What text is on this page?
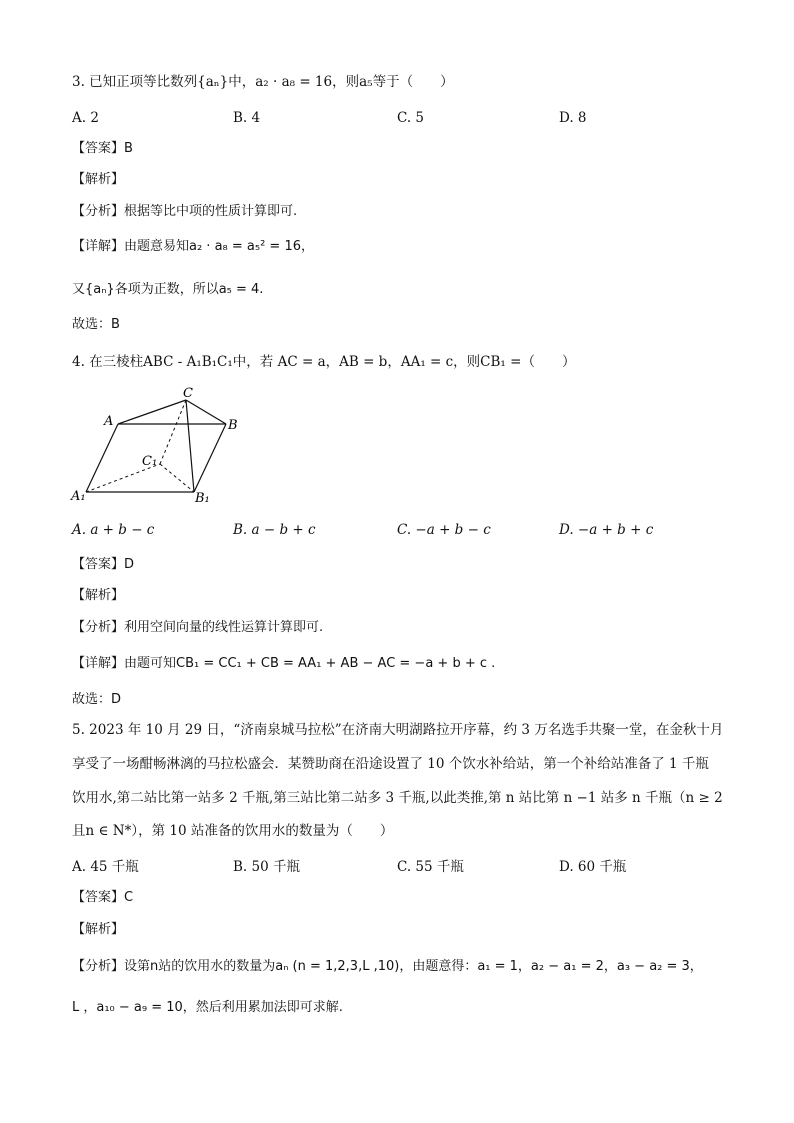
3. 已知正项等比数列{aₙ}中，a₂ · a₈ = 16，则a₅等于（　　）
A. 2	B. 4	C. 5	D. 8
【答案】B
【解析】
【分析】根据等比中项的性质计算即可.
【详解】由题意易知a₂ · a₈ = a₅² = 16，
又{aₙ}各项为正数，所以a₅ = 4.
故选：B
4. 在三棱柱ABC - A₁B₁C₁中，若 AC = a，AB = b，AA₁ = c，则CB₁ =（　　）
C
A	B
C₁
A₁	B₁
A. a + b − c	B. a − b + c	C. −a + b − c	D. −a + b + c
【答案】D
【解析】
【分析】利用空间向量的线性运算计算即可.
【详解】由题可知CB₁ = CC₁ + CB = AA₁ + AB − AC = −a + b + c .
故选：D
5. 2023 年 10 月 29 日，“济南泉城马拉松”在济南大明湖路拉开序幕，约 3 万名选手共聚一堂，在金秋十月
享受了一场酣畅淋漓的马拉松盛会．某赞助商在沿途设置了 10 个饮水补给站，第一个补给站准备了 1 千瓶
饮用水,第二站比第一站多 2 千瓶,第三站比第二站多 3 千瓶,以此类推,第 n 站比第 n −1 站多 n 千瓶（n ≥ 2
且n ∈ N*），第 10 站准备的饮用水的数量为（　　）
A. 45 千瓶	B. 50 千瓶	C. 55 千瓶	D. 60 千瓶
【答案】C
【解析】
【分析】设第n站的饮用水的数量为aₙ (n = 1,2,3,L ,10)，由题意得：a₁ = 1，a₂ − a₁ = 2，a₃ − a₂ = 3，
L ，a₁₀ − a₉ = 10，然后利用累加法即可求解.
